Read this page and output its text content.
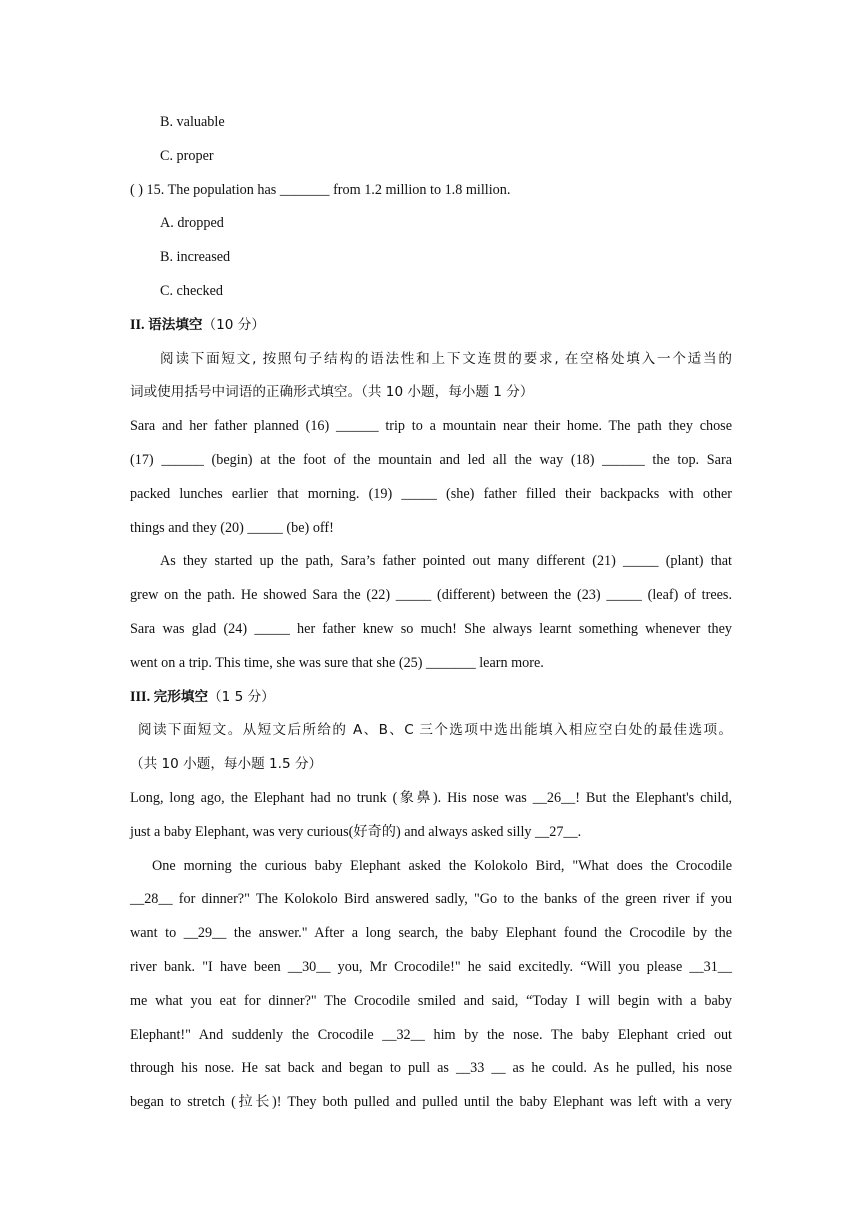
B. valuable
C. proper
( ) 15. The population has _______ from 1.2 million to 1.8 million.
A. dropped
B. increased
C. checked
II. 语法填空（10 分）
阅读下面短文, 按照句子结构的语法性和上下文连贯的要求, 在空格处填入一个适当的
词或使用括号中词语的正确形式填空。（共 10 小题，每小题 1 分）
Sara and her father planned (16) ______ trip to a mountain near their home. The path they chose
(17) ______ (begin) at the foot of the mountain and led all the way (18) ______ the top. Sara
packed lunches earlier that morning. (19) _____ (she) father filled their backpacks with other
things and they (20) _____ (be) off!
As they started up the path, Sara’s father pointed out many different (21) _____ (plant) that
grew on the path. He showed Sara the (22) _____ (different) between the (23) _____ (leaf) of trees.
Sara was glad (24) _____ her father knew so much! She always learnt something whenever they
went on a trip. This time, she was sure that she (25) _______ learn more.
III. 完形填空（1 5 分）
阅读下面短文。从短文后所给的 A、B、C 三个选项中选出能填入相应空白处的最佳选项。
（共 10 小题，每小题 1.5 分）
Long, long ago, the Elephant had no trunk (象鼻). His nose was __26__! But the Elephant's child,
just a baby Elephant, was very curious(好奇的) and always asked silly __27__.
One morning the curious baby Elephant asked the Kolokolo Bird, "What does the Crocodile
__28__ for dinner?" The Kolokolo Bird answered sadly, "Go to the banks of the green river if you
want to __29__ the answer." After a long search, the baby Elephant found the Crocodile by the
river bank. "I have been __30__ you, Mr Crocodile!" he said excitedly. “Will you please __31__
me what you eat for dinner?" The Crocodile smiled and said, “Today I will begin with a baby
Elephant!" And suddenly the Crocodile __32__ him by the nose. The baby Elephant cried out
through his nose. He sat back and began to pull as __33 __ as he could. As he pulled, his nose
began to stretch (拉长)! They both pulled and pulled until the baby Elephant was left with a very
